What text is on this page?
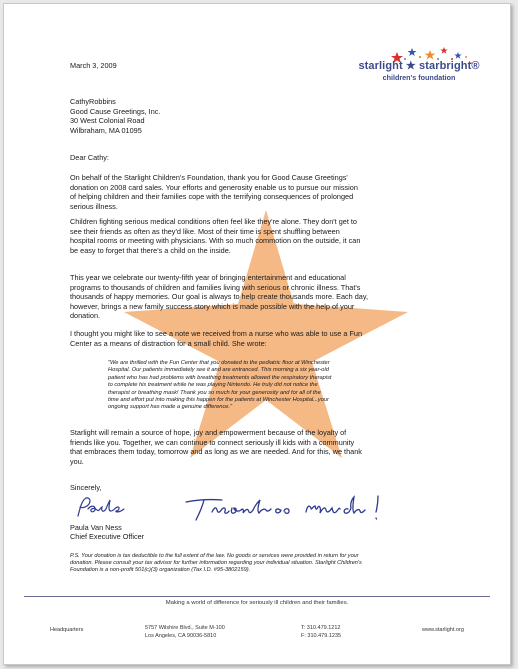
starlight ★ starbright®
children's foundation
March 3, 2009
CathyRobbins
Good Cause Greetings, Inc.
30 West Colonial Road
Wilbraham, MA 01095
Dear Cathy:
On behalf of the Starlight Children's Foundation, thank you for Good Cause Greetings'
donation on 2008 card sales. Your efforts and generosity enable us to pursue our mission
of helping children and their families cope with the terrifying consequences of prolonged
serious illness.
Children fighting serious medical conditions often feel like they're alone. They don't get to
see their friends as often as they'd like. Most of their time is spent shuffling between
hospital rooms or meeting with physicians. With so much commotion on the outside, it can
be easy to forget that there's a child on the inside.
This year we celebrate our twenty-fifth year of bringing entertainment and educational
programs to thousands of children and families living with serious or chronic illness. That's
thousands of happy memories. Our goal is always to help create thousands more. Each day,
however, brings a new family success story which is made possible with the help of your
donation.
I thought you might like to see a note we received from a nurse who was able to use a Fun
Center as a means of distraction for a small child. She wrote:
"We are thrilled with the Fun Center that you donated to the pediatric floor at Winchester
Hospital. Our patients immediately see it and are entranced. This morning a six year-old
patient who has had problems with breathing treatments allowed the respiratory therapist
to complete his treatment while he was playing Nintendo. He truly did not notice the
therapist or breathing mask! Thank you so much for your generosity and for all of the
time and effort put into making this happen for the patients at Winchester Hospital...your
ongoing support has made a genuine difference."
Starlight will remain a source of hope, joy and empowerment because of the loyalty of
friends like you. Together, we can continue to connect seriously ill kids with a community
that embraces them today, tomorrow and as long as we are needed. And for this, we thank
you.
Sincerely,
Paula Van Ness
Chief Executive Officer
P.S. Your donation is tax deductible to the full extent of the law. No goods or services were provided in return for your
donation. Please consult your tax advisor for further information regarding your individual situation. Starlight Children's
Foundation is a non-profit 501(c)(3) organization (Tax I.D. #95-3802159).
Making a world of difference for seriously ill children and their families.
Headquarters	5757 Wilshire Blvd., Suite M-100
Los Angeles, CA 90036-5810
T: 310.479.1212
F: 310.479.1235
www.starlight.org
